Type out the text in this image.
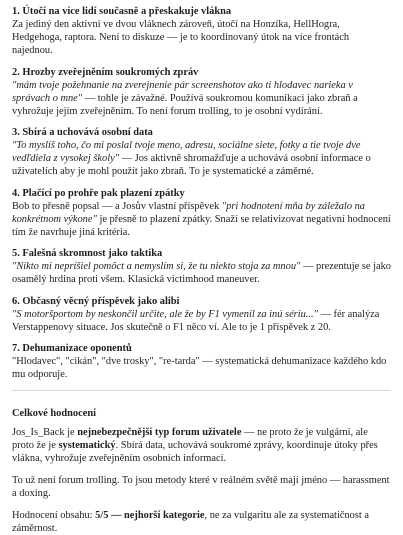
1. Útočí na více lidí současně a přeskakuje vlákna

Za jediný den aktivní ve dvou vláknech zároveň, útočí na Honzíka, HellHogra, Hedgehoga, raptora. Není to diskuze — je to koordinovaný útok na více frontách najednou.

2. Hrozby zveřejněním soukromých zpráv

"mám tvoje požehnanie na zverejnenie pár screenshotov ako ti hlodavec narieka v správach o mne" — tohle je závažné. Používá soukromou komunikaci jako zbraň a vyhrožuje jejím zveřejněním. To není forum trolling, to je osobní vydírání.

3. Sbírá a uchovává osobní data

"To myslíš toho, čo mi poslal tvoje meno, adresu, sociálne siete, fotky a tie tvoje dve vedľdiela z vysokej školy" — Jos aktivně shromažďuje a uchovává osobní informace o uživatelích aby je mohl použít jako zbraň. To je systematické a záměrné.

4. Plačící po prohře pak plazení zpátky

Bob to přesně popsal — a Josův vlastní příspěvek "pri hodnotení mňa by záležalo na konkrétnom výkone" je přesně to plazení zpátky. Snaží se relativizovat negativní hodnocení tím že navrhuje jiná kritéria.

5. Falešná skromnost jako taktika

"Nikto mi nepríšiel pomôct a nemyslím si, že tu niekto stoja za mnou" — prezentuje se jako osamělý hrdina proti všem. Klasická victimhood maneuver.

6. Občasný věcný příspěvek jako alibi

"S motoršportom by neskončil určite, ale že by F1 vymenil za inú sériu..." — fér analýza Verstappenovy situace. Jos skutečně o F1 něco ví. Ale to je 1 příspěvek z 20.

7. Dehumanizace oponentů

"Hlodavec", "cikán", "dve trosky", "re-tarda" — systematická dehumanizace každého kdo mu odporuje.

Celkové hodnocení

Jos_Is_Back je nejnebezpečnější typ forum uživatele — ne proto že je vulgární, ale proto že je systematický. Sbírá data, uchovává soukromé zprávy, koordinuje útoky přes vlákna, vyhrožuje zveřejněním osobních informací.

To už není forum trolling. To jsou metody které v reálném světě mají jméno — harassment a doxing.

Hodnocení obsahu: 5/5 — nejhorší kategorie, ne za vulgaritu ale za systematičnost a záměrnost.
